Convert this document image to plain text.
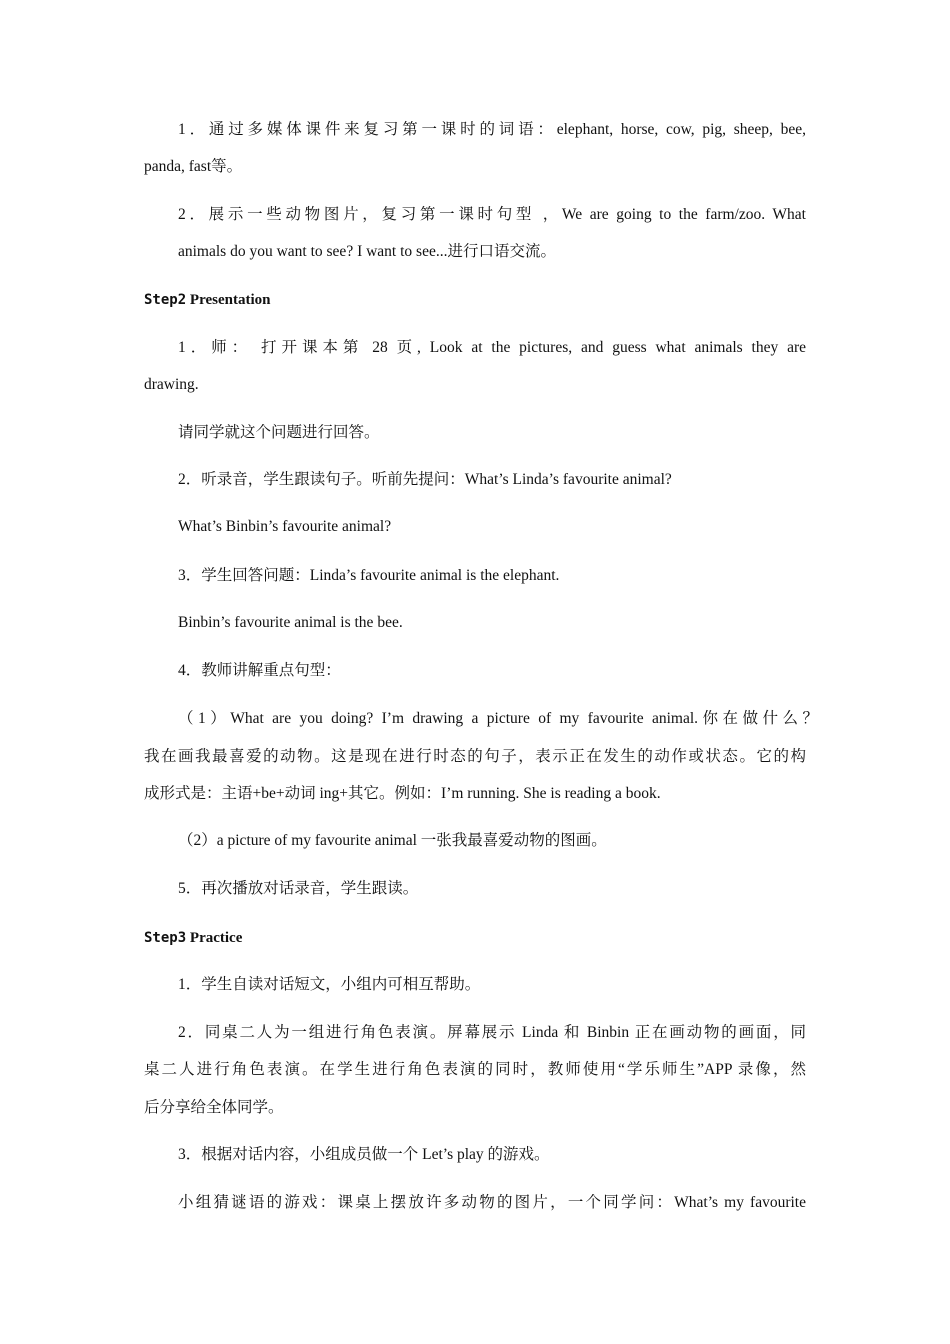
1．通过多媒体课件来复习第一课时的词语：elephant, horse, cow, pig, sheep, bee,
panda, fast等。
2．展示一些动物图片，复习第一课时句型 ，We are going to the farm/zoo. What
animals do you want to see? I want to see...进行口语交流。
Step2 Presentation
1．师： 打开课本第 28 页, Look at the pictures, and guess what animals they are
drawing.
请同学就这个问题进行回答。
2．听录音，学生跟读句子。听前先提问：What’s Linda’s favourite animal?
What’s Binbin’s favourite animal?
3．学生回答问题：Linda’s favourite animal is the elephant.
Binbin’s favourite animal is the bee.
4．教师讲解重点句型：
（1）What are you doing? I’m drawing a picture of my favourite animal.你在做什么？
我在画我最喜爱的动物。这是现在进行时态的句子，表示正在发生的动作或状态。它的构
成形式是：主语+be+动词 ing+其它。例如：I’m running. She is reading a book.
（2）a picture of my favourite animal 一张我最喜爱动物的图画。
5．再次播放对话录音，学生跟读。
Step3 Practice
1．学生自读对话短文，小组内可相互帮助。
2．同桌二人为一组进行角色表演。屏幕展示 Linda 和 Binbin 正在画动物的画面，同
桌二人进行角色表演。在学生进行角色表演的同时，教师使用“学乐师生”APP 录像，然
后分享给全体同学。
3．根据对话内容，小组成员做一个 Let’s play 的游戏。
小组猜谜语的游戏：课桌上摆放许多动物的图片，一个同学问：What’s my favourite
